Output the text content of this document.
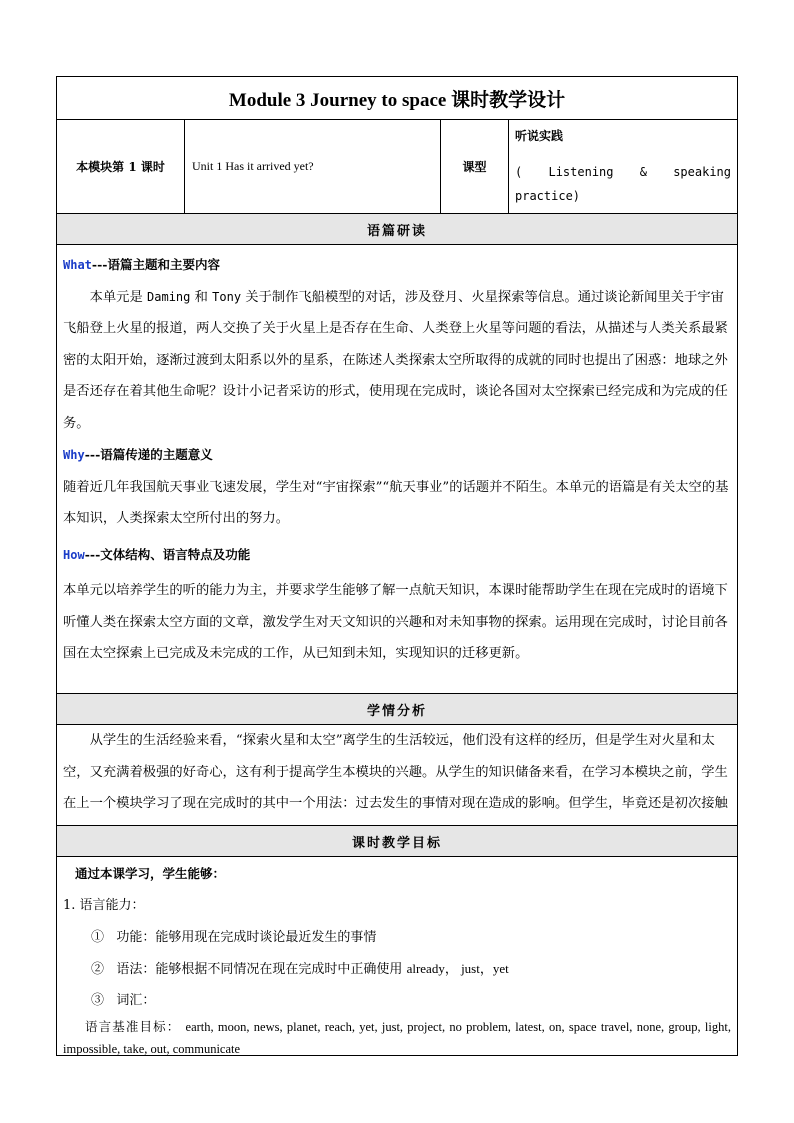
Module 3 Journey to space 课时教学设计
本模块第 1 课时	Unit 1 Has it arrived yet?	课型
听说实践
( Listening & speaking
practice)
语篇研读
What---语篇主题和主要内容
本单元是 Daming 和 Tony 关于制作飞船模型的对话，涉及登月、火星探索等信息。通过谈论新闻里关于宇宙飞船登上火星的报道，两人交换了关于火星上是否存在生命、人类登上火星等问题的看法，从描述与人类关系最紧密的太阳开始，逐渐过渡到太阳系以外的星系，在陈述人类探索太空所取得的成就的同时也提出了困惑：地球之外是否还存在着其他生命呢？设计小记者采访的形式，使用现在完成时，谈论各国对太空探索已经完成和为完成的任务。
Why---语篇传递的主题意义
随着近几年我国航天事业飞速发展，学生对“宇宙探索”“航天事业”的话题并不陌生。本单元的语篇是有关太空的基本知识，人类探索太空所付出的努力。
How---文体结构、语言特点及功能
本单元以培养学生的听的能力为主，并要求学生能够了解一点航天知识，本课时能帮助学生在现在完成时的语境下听懂人类在探索太空方面的文章，激发学生对天文知识的兴趣和对未知事物的探索。运用现在完成时，讨论目前各国在太空探索上已完成及未完成的工作，从已知到未知，实现知识的迁移更新。
学情分析
从学生的生活经验来看，“探索火星和太空”离学生的生活较远，他们没有这样的经历，但是学生对火星和太空，又充满着极强的好奇心，这有利于提高学生本模块的兴趣。从学生的知识储备来看，在学习本模块之前，学生在上一个模块学习了现在完成时的其中一个用法：过去发生的事情对现在造成的影响。但学生，毕竟还是初次接触
课时教学目标
通过本课学习，学生能够：
1. 语言能力：
① 功能：能够用现在完成时谈论最近发生的事情
② 语法：能够根据不同情况在现在完成时中正确使用 already， just，yet
③ 词汇：
语言基准目标： earth, moon, news, planet, reach, yet, just, project, no problem, latest, on, space travel, none, group, light, impossible, take, out, communicate
